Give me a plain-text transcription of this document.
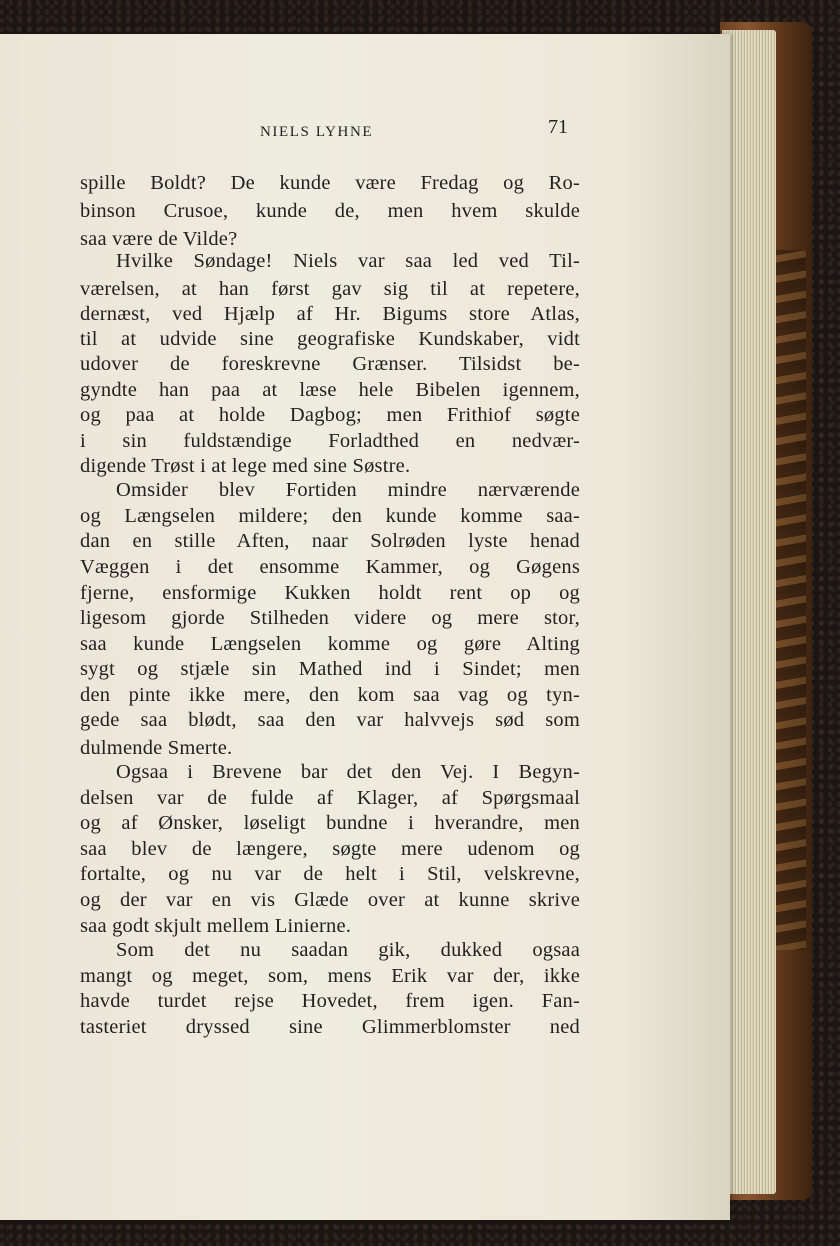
NIELS LYHNE	71
spille Boldt? De kunde være Fredag og Ro-
binson Crusoe, kunde de, men hvem skulde
saa være de Vilde?
Hvilke Søndage! Niels var saa led ved Til-
værelsen, at han først gav sig til at repetere,
dernæst, ved Hjælp af Hr. Bigums store Atlas,
til at udvide sine geografiske Kundskaber, vidt
udover de foreskrevne Grænser. Tilsidst be-
gyndte han paa at læse hele Bibelen igennem,
og paa at holde Dagbog; men Frithiof søgte
i sin fuldstændige Forladthed en nedvær-
digende Trøst i at lege med sine Søstre.
Omsider blev Fortiden mindre nærværende
og Længselen mildere; den kunde komme saa-
dan en stille Aften, naar Solrøden lyste henad
Væggen i det ensomme Kammer, og Gøgens
fjerne, ensformige Kukken holdt rent op og
ligesom gjorde Stilheden videre og mere stor,
saa kunde Længselen komme og gøre Alting
sygt og stjæle sin Mathed ind i Sindet; men
den pinte ikke mere, den kom saa vag og tyn-
gede saa blødt, saa den var halvvejs sød som
dulmende Smerte.
Ogsaa i Brevene bar det den Vej. I Begyn-
delsen var de fulde af Klager, af Spørgsmaal
og af Ønsker, løseligt bundne i hverandre, men
saa blev de længere, søgte mere udenom og
fortalte, og nu var de helt i Stil, velskrevne,
og der var en vis Glæde over at kunne skrive
saa godt skjult mellem Linierne.
Som det nu saadan gik, dukked ogsaa
mangt og meget, som, mens Erik var der, ikke
havde turdet rejse Hovedet, frem igen. Fan-
tasteriet dryssed sine Glimmerblomster ned
